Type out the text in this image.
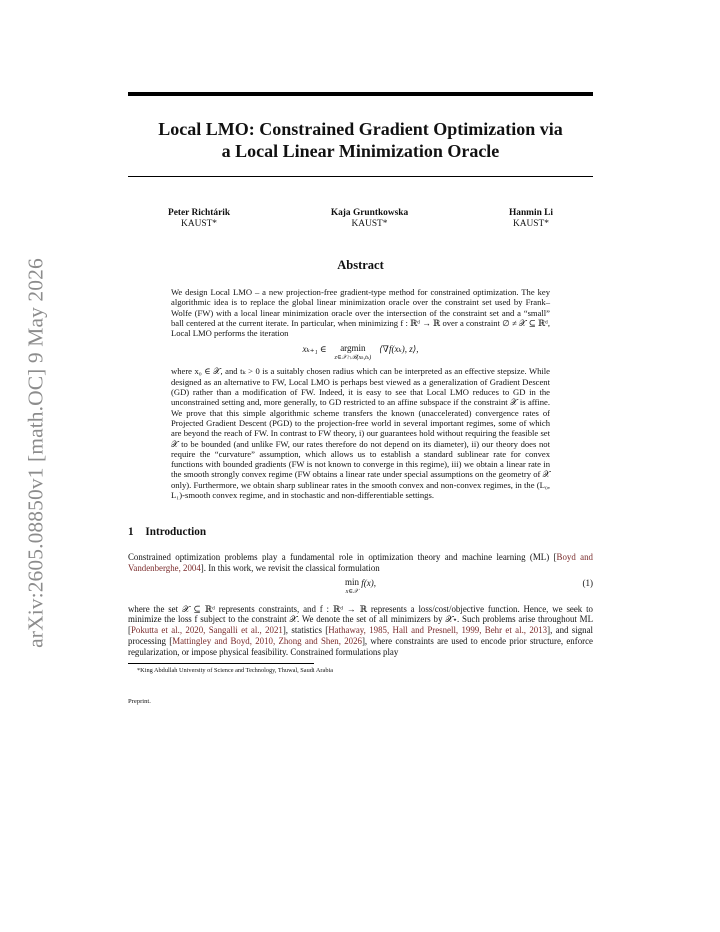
arXiv:2605.08850v1 [math.OC] 9 May 2026
Local LMO: Constrained Gradient Optimization via
a Local Linear Minimization Oracle
Peter Richtárik
KAUST*
Kaja Gruntkowska
KAUST*
Hanmin Li
KAUST*
Abstract

We design Local LMO – a new projection-free gradient-type method for constrained optimization. The key algorithmic idea is to replace the global linear minimization oracle over the constraint set used by Frank–Wolfe (FW) with a local linear minimization oracle over the intersection of the constraint set and a “small” ball centered at the current iterate. In particular, when minimizing f : ℝᵈ → ℝ over a constraint ∅ ≠ 𝒳 ⊆ ℝᵈ, Local LMO performs the iteration

xₖ₊₁ ∈ argmin
z∈𝒳∩ℬ(xₖ,tₖ)
⟨∇f(xₖ), z⟩,

where x₀ ∈ 𝒳, and tₖ > 0 is a suitably chosen radius which can be interpreted as an effective stepsize. While designed as an alternative to FW, Local LMO is perhaps best viewed as a generalization of Gradient Descent (GD) rather than a modification of FW. Indeed, it is easy to see that Local LMO reduces to GD in the unconstrained setting and, more generally, to GD restricted to an affine subspace if the constraint 𝒳 is affine. We prove that this simple algorithmic scheme transfers the known (unaccelerated) convergence rates of Projected Gradient Descent (PGD) to the projection-free world in several important regimes, some of which are beyond the reach of FW. In contrast to FW theory, i) our guarantees hold without requiring the feasible set 𝒳 to be bounded (and unlike FW, our rates therefore do not depend on its diameter), ii) our theory does not require the “curvature” assumption, which allows us to establish a standard sublinear rate for convex functions with bounded gradients (FW is not known to converge in this regime), iii) we obtain a linear rate in the smooth strongly convex regime (FW obtains a linear rate under special assumptions on the geometry of 𝒳 only). Furthermore, we obtain sharp sublinear rates in the smooth convex and non-convex regimes, in the (L₀, L₁)-smooth convex regime, and in stochastic and non-differentiable settings.

1 Introduction
Constrained optimization problems play a fundamental role in optimization theory and machine learning (ML) [Boyd and Vandenberghe, 2004]. In this work, we revisit the classical formulation
min
x∈𝒳
f(x),	(1)
where the set 𝒳 ⊆ ℝᵈ represents constraints, and f : ℝᵈ → ℝ represents a loss/cost/objective function. Hence, we seek to minimize the loss f subject to the constraint 𝒳. We denote the set of all minimizers by 𝒳⋆. Such problems arise throughout ML [Pokutta et al., 2020, Sangalli et al., 2021], statistics [Hathaway, 1985, Hall and Presnell, 1999, Behr et al., 2013], and signal processing [Mattingley and Boyd, 2010, Zhong and Shen, 2026], where constraints are used to encode prior structure, enforce regularization, or impose physical feasibility. Constrained formulations play
*King Abdullah University of Science and Technology, Thuwal, Saudi Arabia
Preprint.
